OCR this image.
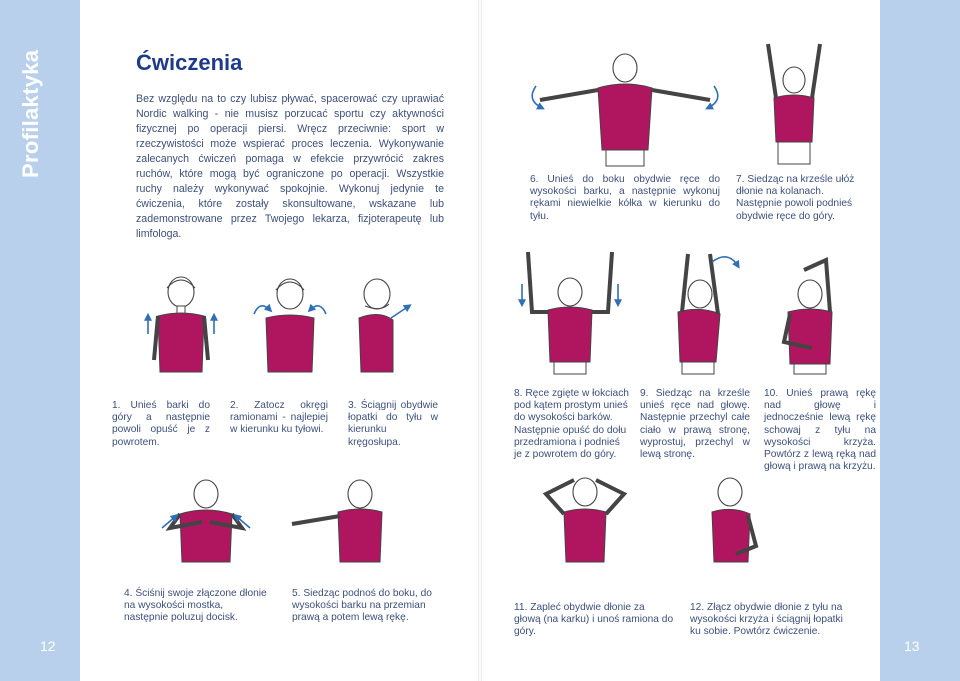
Profilaktyka
12	13
Ćwiczenia

Bez względu na to czy lubisz pływać, spacerować czy uprawiać Nordic walking - nie musisz porzucać sportu czy aktywności fizycznej po operacji piersi. Wręcz przeciwnie: sport w rzeczywistości może wspierać proces leczenia. Wykonywanie zalecanych ćwiczeń pomaga w efekcie przywrócić zakres ruchów, które mogą być ograniczone po operacji. Wszystkie ruchy należy wykonywać spokojnie. Wykonuj jedynie te ćwiczenia, które zostały skonsultowane, wskazane lub zademonstrowane przez Twojego lekarza, fizjoterapeutę lub limfologa.

1. Unieś barki do góry a następnie powoli opuść je z powrotem.

2. Zatocz okręgi ramionami - najlepiej w kierunku ku tyłowi.

3. Ściągnij obydwie łopatki do tyłu w kierunku kręgosłupa.

4. Ściśnij swoje złączone dłonie na wysokości mostka, następnie poluzuj docisk.

5. Siedząc podnoś do boku, do wysokości barku na przemian prawą a potem lewą rękę.

6. Unieś do boku obydwie ręce do wysokości barku, a następnie wykonuj rękami niewielkie kółka w kierunku do tyłu.

7. Siedząc na krześle ułóż dłonie na kolanach. Następnie powoli podnieś obydwie ręce do góry.

8. Ręce zgięte w łokciach pod kątem prostym unieś do wysokości barków. Następnie opuść do dołu przedramiona i podnieś je z powrotem do góry.

9. Siedząc na krześle unieś ręce nad głowę. Następnie przechyl całe ciało w prawą stronę, wyprostuj, przechyl w lewą stronę.

10. Unieś prawą rękę nad głowę i jednocześnie lewą rękę schowaj z tyłu na wysokości krzyża. Powtórz z lewą ręką nad głową i prawą na krzyżu.

11. Zapleć obydwie dłonie za głową (na karku) i unoś ramiona do góry.

12. Złącz obydwie dłonie z tyłu na wysokości krzyża i ściągnij łopatki ku sobie. Powtórz ćwiczenie.
